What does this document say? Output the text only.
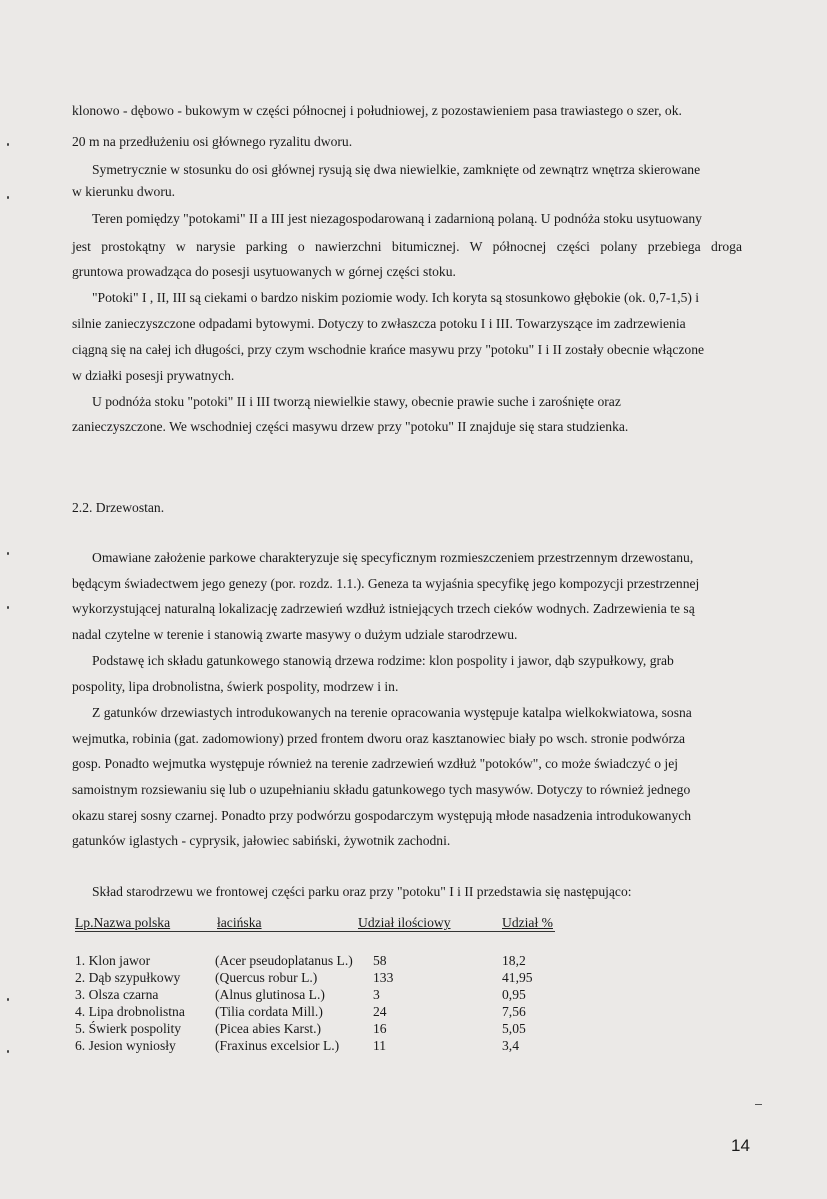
klonowo - dębowo - bukowym w części północnej i południowej, z pozostawieniem pasa trawiastego o szer, ok.
20 m na przedłużeniu osi głównego ryzalitu dworu.
Symetrycznie w stosunku do osi głównej rysują się dwa niewielkie, zamknięte od zewnątrz wnętrza skierowane
w kierunku dworu.
Teren pomiędzy "potokami" II a III jest niezagospodarowaną i zadarnioną polaną. U podnóża stoku usytuowany
jest prostokątny w narysie parking o nawierzchni bitumicznej. W północnej części polany przebiega droga
gruntowa prowadząca do posesji usytuowanych w górnej części stoku.
"Potoki" I , II, III są ciekami o bardzo niskim poziomie wody. Ich koryta są stosunkowo głębokie (ok. 0,7-1,5) i
silnie zanieczyszczone odpadami bytowymi. Dotyczy to zwłaszcza potoku I i III. Towarzyszące im zadrzewienia
ciągną się na całej ich długości, przy czym wschodnie krańce masywu przy "potoku" I i II zostały obecnie włączone
w działki posesji prywatnych.
U podnóża stoku "potoki" II i III tworzą niewielkie stawy, obecnie prawie suche i zarośnięte oraz
zanieczyszczone. We wschodniej części masywu drzew przy "potoku" II znajduje się stara studzienka.
2.2. Drzewostan.
Omawiane założenie parkowe charakteryzuje się specyficznym rozmieszczeniem przestrzennym drzewostanu,
będącym świadectwem jego genezy (por. rozdz. 1.1.). Geneza ta wyjaśnia specyfikę jego kompozycji przestrzennej
wykorzystującej naturalną lokalizację zadrzewień wzdłuż istniejących trzech cieków wodnych. Zadrzewienia te są
nadal czytelne w terenie i stanowią zwarte masywy o dużym udziale starodrzewu.
Podstawę ich składu gatunkowego stanowią drzewa rodzime: klon pospolity i jawor, dąb szypułkowy, grab
pospolity, lipa drobnolistna, świerk pospolity, modrzew i in.
Z gatunków drzewiastych introdukowanych na terenie opracowania występuje katalpa wielkokwiatowa, sosna
wejmutka, robinia (gat. zadomowiony) przed frontem dworu oraz kasztanowiec biały po wsch. stronie podwórza
gosp. Ponadto wejmutka występuje również na terenie zadrzewień wzdłuż "potoków", co może świadczyć o jej
samoistnym rozsiewaniu się lub o uzupełnianiu składu gatunkowego tych masywów. Dotyczy to również jednego
okazu starej sosny czarnej. Ponadto przy podwórzu gospodarczym występują młode nasadzenia introdukowanych
gatunków iglastych - cyprysik, jałowiec sabiński, żywotnik zachodni.
Skład starodrzewu we frontowej części parku oraz przy "potoku" I i II przedstawia się następująco:
Lp.Nazwa polska	łacińska	Udział ilościowy	Udział %
1. Klon jawor	(Acer pseudoplatanus L.) 58	18,2
2. Dąb szypułkowy	(Quercus robur L.)	133	41,95
3. Olsza czarna	(Alnus glutinosa L.)	3	0,95
4. Lipa drobnolistna (Tilia cordata Mill.)	24	7,56
5. Świerk pospolity (Picea abies Karst.)	16	5,05
6. Jesion wyniosły	(Fraxinus excelsior L.) 11	3,4
14
